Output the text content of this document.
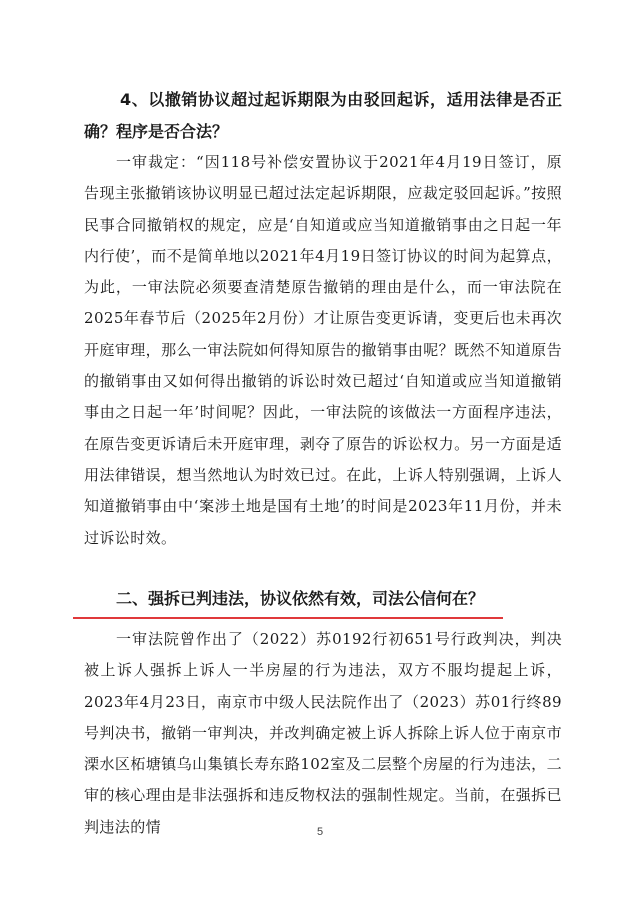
4、以撤销协议超过起诉期限为由驳回起诉，适用法律是否正确？程序是否合法？

一审裁定：“因118号补偿安置协议于2021年4月19日签订，原告现主张撤销该协议明显已超过法定起诉期限，应裁定驳回起诉。”按照民事合同撤销权的规定，应是‘自知道或应当知道撤销事由之日起一年内行使’，而不是简单地以2021年4月19日签订协议的时间为起算点，为此，一审法院必须要查清楚原告撤销的理由是什么，而一审法院在2025年春节后（2025年2月份）才让原告变更诉请，变更后也未再次开庭审理，那么一审法院如何得知原告的撤销事由呢？既然不知道原告的撤销事由又如何得出撤销的诉讼时效已超过‘自知道或应当知道撤销事由之日起一年’时间呢？因此，一审法院的该做法一方面程序违法，在原告变更诉请后未开庭审理，剥夺了原告的诉讼权力。另一方面是适用法律错误，想当然地认为时效已过。在此，上诉人特别强调，上诉人知道撤销事由中‘案涉土地是国有土地’的时间是2023年11月份，并未过诉讼时效。

二、强拆已判违法，协议依然有效，司法公信何在？

一审法院曾作出了（2022）苏0192行初651号行政判决，判决被上诉人强拆上诉人一半房屋的行为违法，双方不服均提起上诉，2023年4月23日，南京市中级人民法院作出了（2023）苏01行终89号判决书，撤销一审判决，并改判确定被上诉人拆除上诉人位于南京市溧水区柘塘镇乌山集镇长寿东路102室及二层整个房屋的行为违法，二审的核心理由是非法强拆和违反物权法的强制性规定。当前，在强拆已判违法的情	5
